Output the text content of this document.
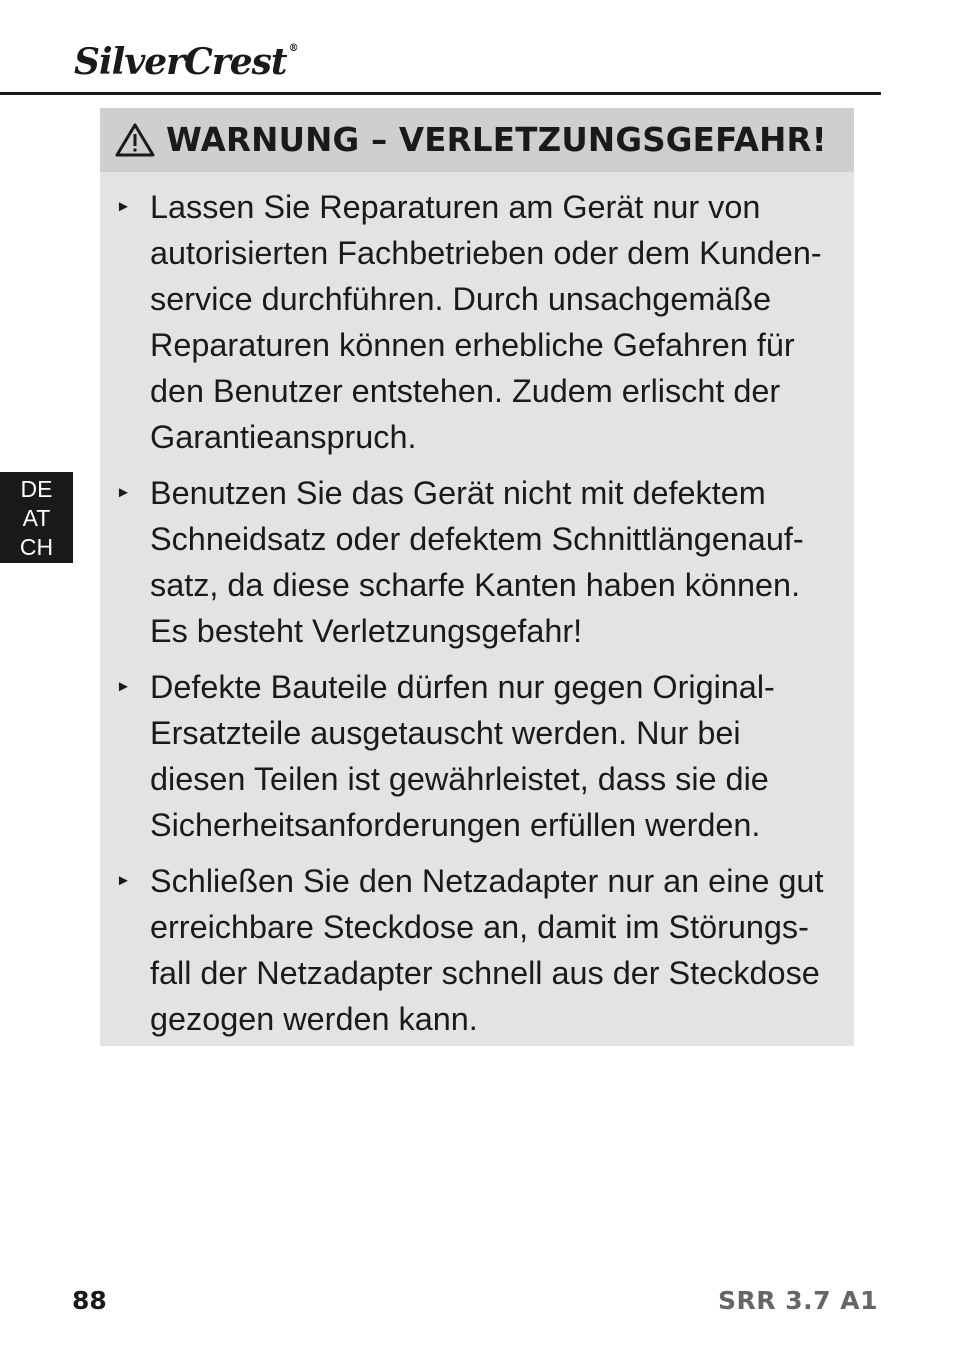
SilverCrest ®
DE
AT
CH
WARNUNG – VERLETZUNGSGEFAHR!
► Lassen Sie Reparaturen am Gerät nur von
autorisierten Fachbetrieben oder dem Kunden-
service durchführen. Durch unsachgemäße
Reparaturen können erhebliche Gefahren für
den Benutzer entstehen. Zudem erlischt der
Garantieanspruch.
► Benutzen Sie das Gerät nicht mit defektem
Schneidsatz oder defektem Schnittlängenauf-
satz, da diese scharfe Kanten haben können.
Es besteht Verletzungsgefahr!
► Defekte Bauteile dürfen nur gegen Original-
Ersatzteile ausgetauscht werden. Nur bei
diesen Teilen ist gewährleistet, dass sie die
Sicherheitsanforderungen erfüllen werden.
► Schließen Sie den Netzadapter nur an eine gut
erreichbare Steckdose an, damit im Störungs-
fall der Netzadapter schnell aus der Steckdose
gezogen werden kann.
88	SRR 3.7 A1
